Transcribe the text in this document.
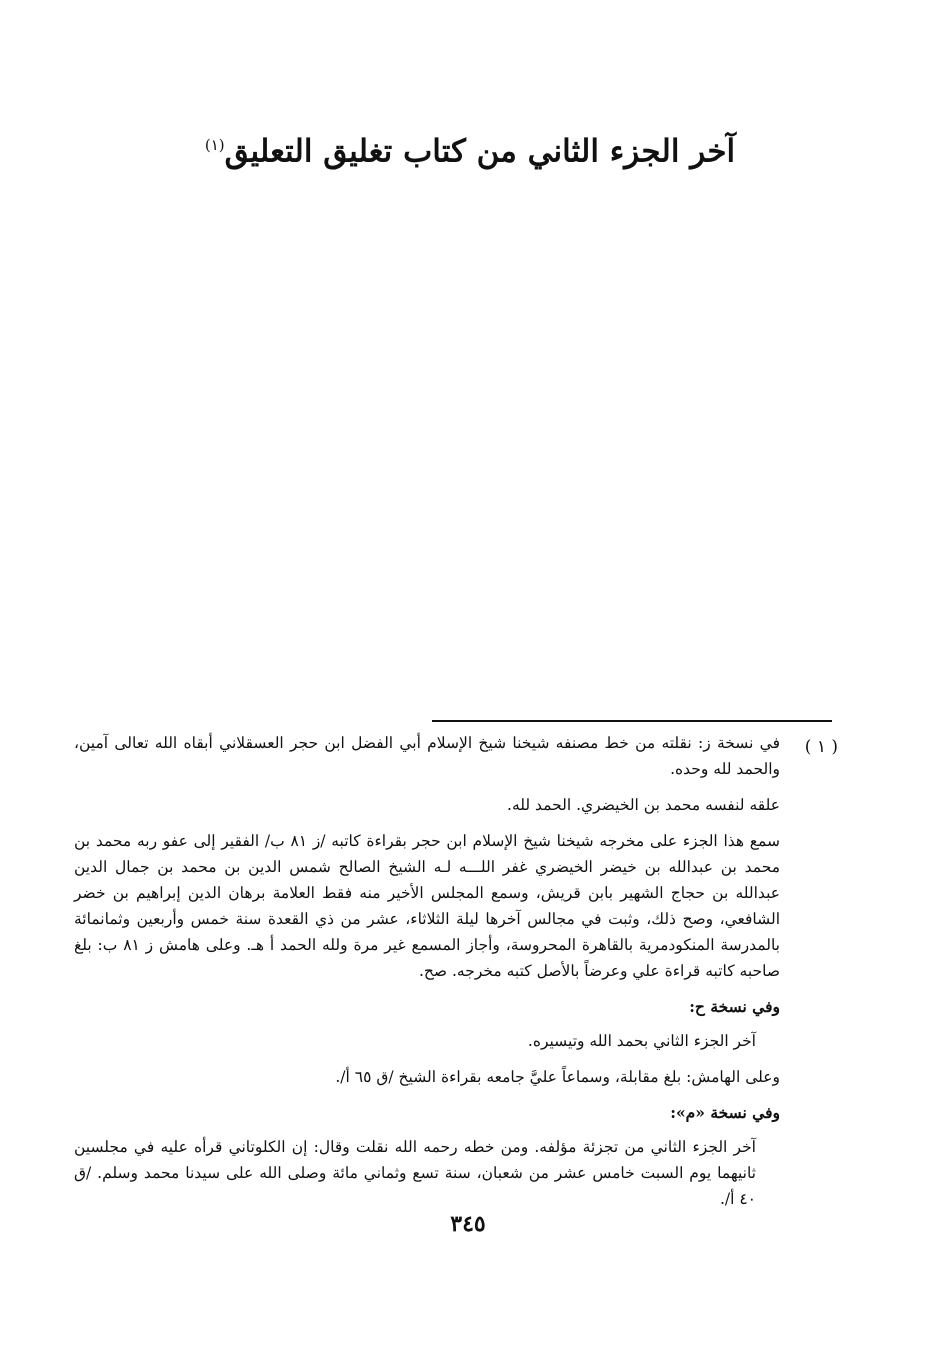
آخر الجزء الثاني من كتاب تغليق التعليق$^{(١)}$
( ١ )

في نسخة ز: نقلته من خط مصنفه شيخنا شيخ الإسلام أبي الفضل ابن حجر العسقلاني أبقاه الله تعالى آمين، والحمد لله وحده.

علقه لنفسه محمد بن الخيضري. الحمد لله.

سمع هذا الجزء على مخرجه شيخنا شيخ الإسلام ابن حجر بقراءة كاتبه /ز ٨١ ب/ الفقير إلى عفو ربه محمد بن محمد بن عبدالله بن خيضر الخيضري غفر اللـــه لـه الشيخ الصالح شمس الدين بن محمد بن جمال الدين عبدالله بن حجاج الشهير بابن قريش، وسمع المجلس الأخير منه فقط العلامة برهان الدين إبراهيم بن خضر الشافعي، وصح ذلك، وثبت في مجالس آخرها ليلة الثلاثاء، عشر من ذي القعدة سنة خمس وأربعين وثمانمائة بالمدرسة المنكودمرية بالقاهرة المحروسة، وأجاز المسمع غير مرة ولله الحمد أ هـ. وعلى هامش ز ٨١ ب: بلغ صاحبه كاتبه قراءة علي وعرضاً بالأصل كتبه مخرجه. صح.

وفي نسخة ح:

آخر الجزء الثاني بحمد الله وتيسيره.

وعلى الهامش: بلغ مقابلة، وسماعاً عليَّ جامعه بقراءة الشيخ /ق ٦٥ أ/.

وفي نسخة «م»:

آخر الجزء الثاني من تجزئة مؤلفه. ومن خطه رحمه الله نقلت وقال: إن الكلوتاني قرأه عليه في مجلسين ثانيهما يوم السبت خامس عشر من شعبان، سنة تسع وثماني مائة وصلى الله على سيدنا محمد وسلم. /ق ٤٠ أ/.

٣٤٥
